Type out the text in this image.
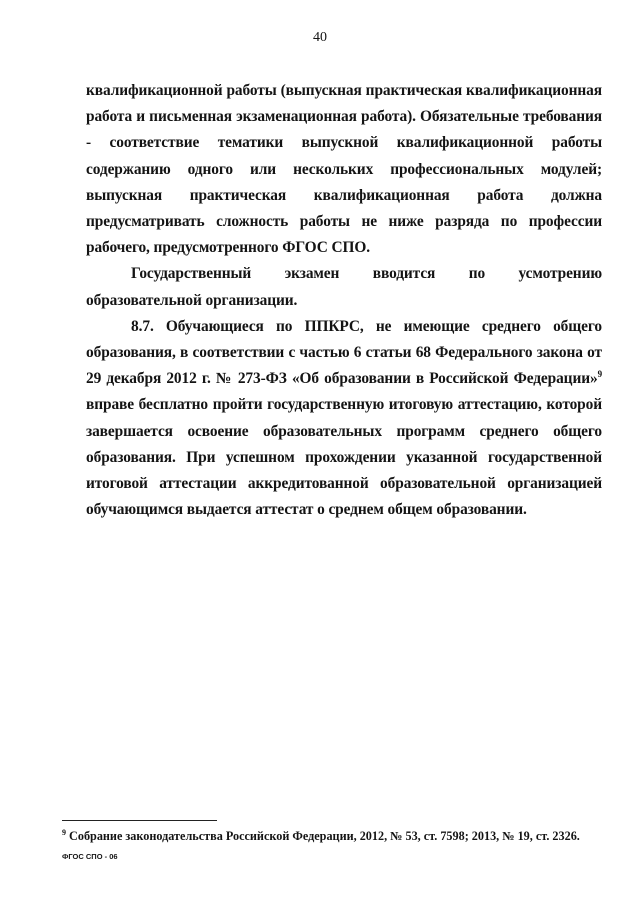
40

квалификационной работы (выпускная практическая квалификационная работа и письменная экзаменационная работа). Обязательные требования - соответствие тематики выпускной квалификационной работы содержанию одного или нескольких профессиональных модулей; выпускная практическая квалификационная работа должна предусматривать сложность работы не ниже разряда по профессии рабочего, предусмотренного ФГОС СПО.

Государственный экзамен вводится по усмотрению образовательной организации.

8.7. Обучающиеся по ППКРС, не имеющие среднего общего образования, в соответствии с частью 6 статьи 68 Федерального закона от 29 декабря 2012 г. № 273-ФЗ «Об образовании в Российской Федерации»$^9$ вправе бесплатно пройти государственную итоговую аттестацию, которой завершается освоение образовательных программ среднего общего образования. При успешном прохождении указанной государственной итоговой аттестации аккредитованной образовательной организацией обучающимся выдается аттестат о среднем общем образовании.

$^9$ Собрание законодательства Российской Федерации, 2012, № 53, ст. 7598; 2013, № 19, ст. 2326.
ФГОС СПО - 06
